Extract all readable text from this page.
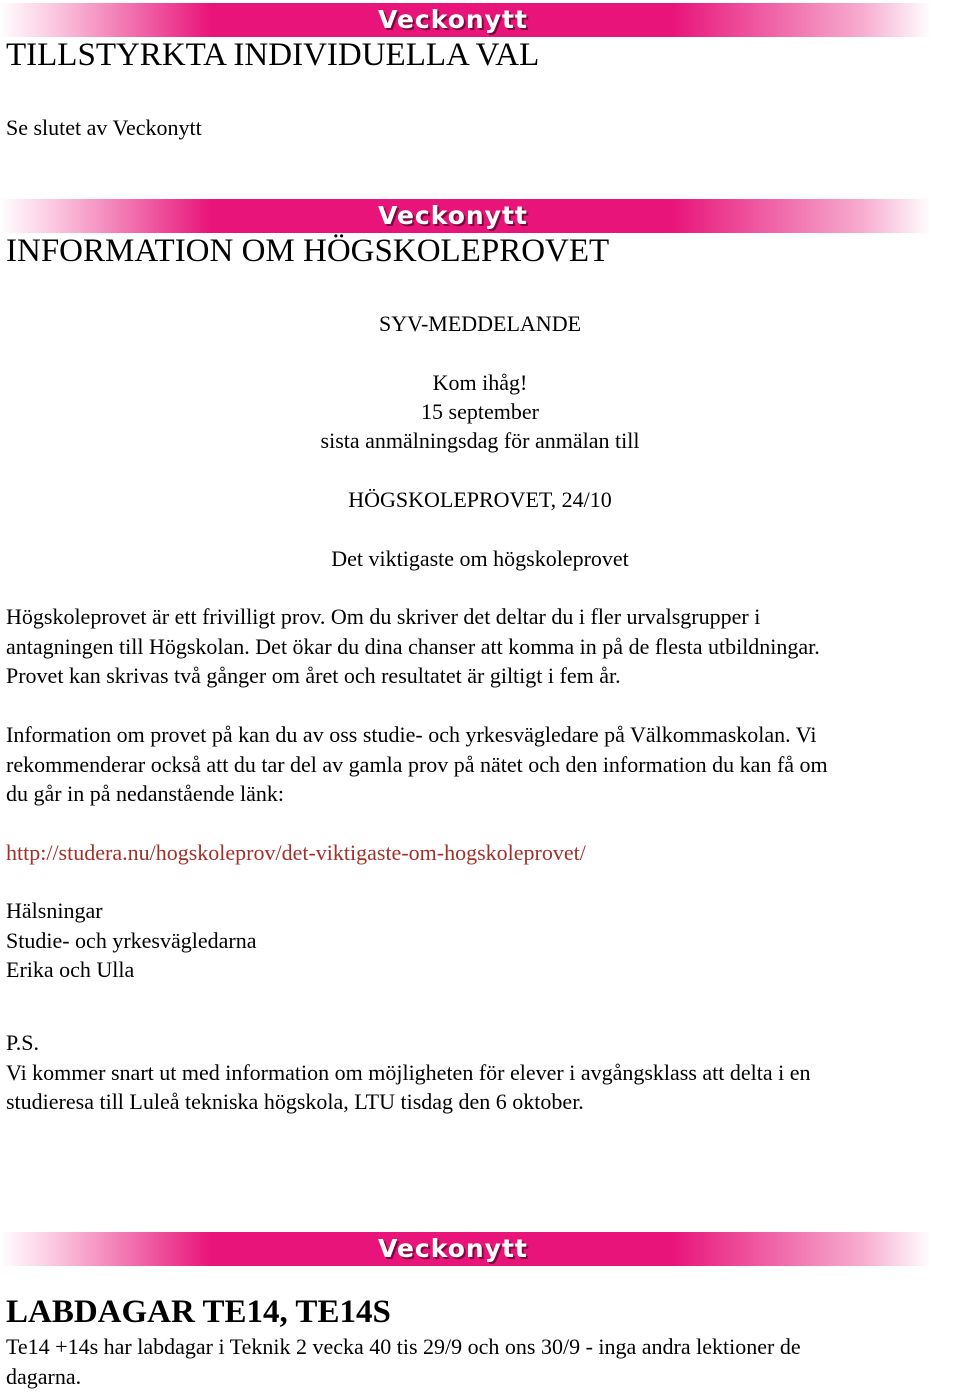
Veckonytt
TILLSTYRKTA INDIVIDUELLA VAL

Se slutet av Veckonytt

Veckonytt
INFORMATION OM HÖGSKOLEPROVET

SYV-MEDDELANDE

Kom ihåg!

15 september

sista anmälningsdag för anmälan till

HÖGSKOLEPROVET, 24/10

Det viktigaste om högskoleprovet

Högskoleprovet är ett frivilligt prov. Om du skriver det deltar du i fler urvalsgrupper i

antagningen till Högskolan. Det ökar du dina chanser att komma in på de flesta utbildningar.

Provet kan skrivas två gånger om året och resultatet är giltigt i fem år.

Information om provet på kan du av oss studie- och yrkesvägledare på Välkommaskolan. Vi

rekommenderar också att du tar del av gamla prov på nätet och den information du kan få om

du går in på nedanstående länk:

http://studera.nu/hogskoleprov/det-viktigaste-om-hogskoleprovet/

Hälsningar

Studie- och yrkesvägledarna

Erika och Ulla

P.S.

Vi kommer snart ut med information om möjligheten för elever i avgångsklass att delta i en

studieresa till Luleå tekniska högskola, LTU tisdag den 6 oktober.

Veckonytt
LABDAGAR TE14, TE14S

Te14 +14s har labdagar i Teknik 2 vecka 40 tis 29/9 och ons 30/9 - inga andra lektioner de

dagarna.
